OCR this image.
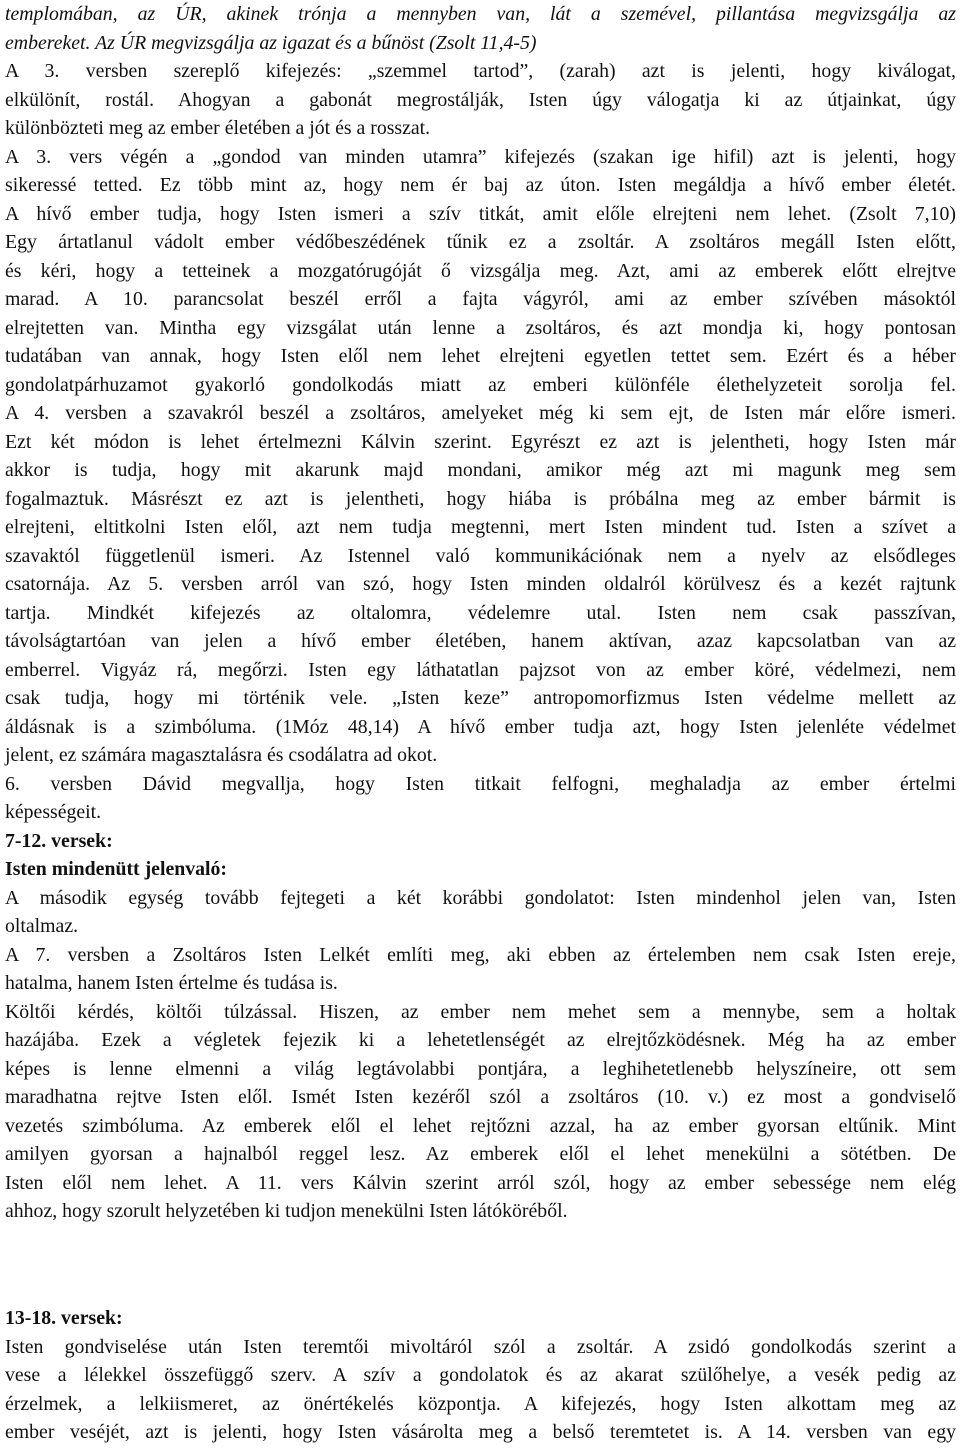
templomában, az ÚR, akinek trónja a mennyben van, lát a szemével, pillantása megvizsgálja az
embereket. Az ÚR megvizsgálja az igazat és a bűnöst (Zsolt 11,4-5)
A 3. versben szereplő kifejezés: „szemmel tartod”, (zarah) azt is jelenti, hogy kiválogat,
elkülönít, rostál. Ahogyan a gabonát megrostálják, Isten úgy válogatja ki az útjainkat, úgy
különbözteti meg az ember életében a jót és a rosszat.
A 3. vers végén a „gondod van minden utamra” kifejezés (szakan ige hifil) azt is jelenti, hogy
sikeressé tetted. Ez több mint az, hogy nem ér baj az úton. Isten megáldja a hívő ember életét.
A hívő ember tudja, hogy Isten ismeri a szív titkát, amit előle elrejteni nem lehet. (Zsolt 7,10)
Egy ártatlanul vádolt ember védőbeszédének tűnik ez a zsoltár. A zsoltáros megáll Isten előtt,
és kéri, hogy a tetteinek a mozgatórugóját ő vizsgálja meg. Azt, ami az emberek előtt elrejtve
marad. A 10. parancsolat beszél erről a fajta vágyról, ami az ember szívében másoktól
elrejtetten van. Mintha egy vizsgálat után lenne a zsoltáros, és azt mondja ki, hogy pontosan
tudatában van annak, hogy Isten elől nem lehet elrejteni egyetlen tettet sem. Ezért és a héber
gondolatpárhuzamot gyakorló gondolkodás miatt az emberi különféle élethelyzeteit sorolja fel.
A 4. versben a szavakról beszél a zsoltáros, amelyeket még ki sem ejt, de Isten már előre ismeri.
Ezt két módon is lehet értelmezni Kálvin szerint. Egyrészt ez azt is jelentheti, hogy Isten már
akkor is tudja, hogy mit akarunk majd mondani, amikor még azt mi magunk meg sem
fogalmaztuk. Másrészt ez azt is jelentheti, hogy hiába is próbálna meg az ember bármit is
elrejteni, eltitkolni Isten elől, azt nem tudja megtenni, mert Isten mindent tud. Isten a szívet a
szavaktól függetlenül ismeri. Az Istennel való kommunikációnak nem a nyelv az elsődleges
csatornája. Az 5. versben arról van szó, hogy Isten minden oldalról körülvesz és a kezét rajtunk
tartja. Mindkét kifejezés az oltalomra, védelemre utal. Isten nem csak passzívan,
távolságtartóan van jelen a hívő ember életében, hanem aktívan, azaz kapcsolatban van az
emberrel. Vigyáz rá, megőrzi. Isten egy láthatatlan pajzsot von az ember köré, védelmezi, nem
csak tudja, hogy mi történik vele. „Isten keze” antropomorfizmus Isten védelme mellett az
áldásnak is a szimbóluma. (1Móz 48,14) A hívő ember tudja azt, hogy Isten jelenléte védelmet
jelent, ez számára magasztalásra és csodálatra ad okot.
6. versben Dávid megvallja, hogy Isten titkait felfogni, meghaladja az ember értelmi
képességeit.
7-12. versek:
Isten mindenütt jelenvaló:
A második egység tovább fejtegeti a két korábbi gondolatot: Isten mindenhol jelen van, Isten
oltalmaz.
A 7. versben a Zsoltáros Isten Lelkét említi meg, aki ebben az értelemben nem csak Isten ereje,
hatalma, hanem Isten értelme és tudása is.
Költői kérdés, költői túlzással. Hiszen, az ember nem mehet sem a mennybe, sem a holtak
hazájába. Ezek a végletek fejezik ki a lehetetlenségét az elrejtőzködésnek. Még ha az ember
képes is lenne elmenni a világ legtávolabbi pontjára, a leghihetetlenebb helyszíneire, ott sem
maradhatna rejtve Isten elől. Ismét Isten kezéről szól a zsoltáros (10. v.) ez most a gondviselő
vezetés szimbóluma. Az emberek elől el lehet rejtőzni azzal, ha az ember gyorsan eltűnik. Mint
amilyen gyorsan a hajnalból reggel lesz. Az emberek elől el lehet menekülni a sötétben. De
Isten elől nem lehet. A 11. vers Kálvin szerint arról szól, hogy az ember sebessége nem elég
ahhoz, hogy szorult helyzetében ki tudjon menekülni Isten látóköréből.
13-18. versek:
Isten gondviselése után Isten teremtői mivoltáról szól a zsoltár. A zsidó gondolkodás szerint a
vese a lélekkel összefüggő szerv. A szív a gondolatok és az akarat szülőhelye, a vesék pedig az
érzelmek, a lelkiismeret, az önértékelés központja. A kifejezés, hogy Isten alkottam meg az
ember veséjét, azt is jelenti, hogy Isten vásárolta meg a belső teremtetet is. A 14. versben van egy
